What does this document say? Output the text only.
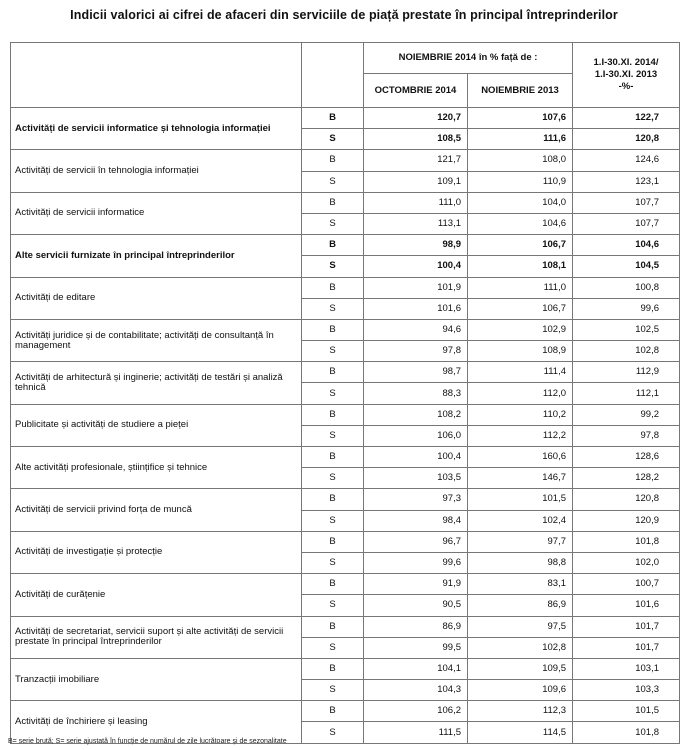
Indicii valorici ai cifrei de afaceri din serviciile de piață prestate în principal întreprinderilor
		NOIEMBRIE 2014 în % față de :		1.I-30.XI. 2014/
1.I-30.XI. 2013
-%-

		OCTOMBRIE 2014	NOIEMBRIE 2013	
Activități de servicii informatice și tehnologia informației	B	120,7	107,6	122,7
	S	108,5	111,6	120,8
Activități de servicii în tehnologia informației	B	121,7	108,0	124,6
	S	109,1	110,9	123,1
Activități de servicii informatice	B	111,0	104,0	107,7
	S	113,1	104,6	107,7
Alte servicii furnizate în principal întreprinderilor	B	98,9	106,7	104,6
	S	100,4	108,1	104,5
Activități de editare	B	101,9	111,0	100,8
	S	101,6	106,7	99,6
Activități juridice și de contabilitate; activități de consultanță în management	B	94,6	102,9	102,5
	S	97,8	108,9	102,8
Activități de arhitectură și inginerie; activități de testări și analiză tehnică	B	98,7	111,4	112,9
	S	88,3	112,0	112,1
Publicitate și activități de studiere a pieței	B	108,2	110,2	99,2
	S	106,0	112,2	97,8
Alte activități profesionale, științifice și tehnice	B	100,4	160,6	128,6
	S	103,5	146,7	128,2
Activități de servicii privind forța de muncă	B	97,3	101,5	120,8
	S	98,4	102,4	120,9
Activități de investigație și protecție	B	96,7	97,7	101,8
	S	99,6	98,8	102,0
Activități de curățenie	B	91,9	83,1	100,7
	S	90,5	86,9	101,6
Activități de secretariat, servicii suport și alte activități de servicii prestate în principal întreprinderilor	B	86,9	97,5	101,7
	S	99,5	102,8	101,7
Tranzacții imobiliare	B	104,1	109,5	103,1
	S	104,3	109,6	103,3
Activități de închiriere și leasing	B	106,2	112,3	101,5
	S	111,5	114,5	101,8
B= serie brută; S= serie ajustată în funcție de numărul de zile lucrătoare și de sezonalitate
